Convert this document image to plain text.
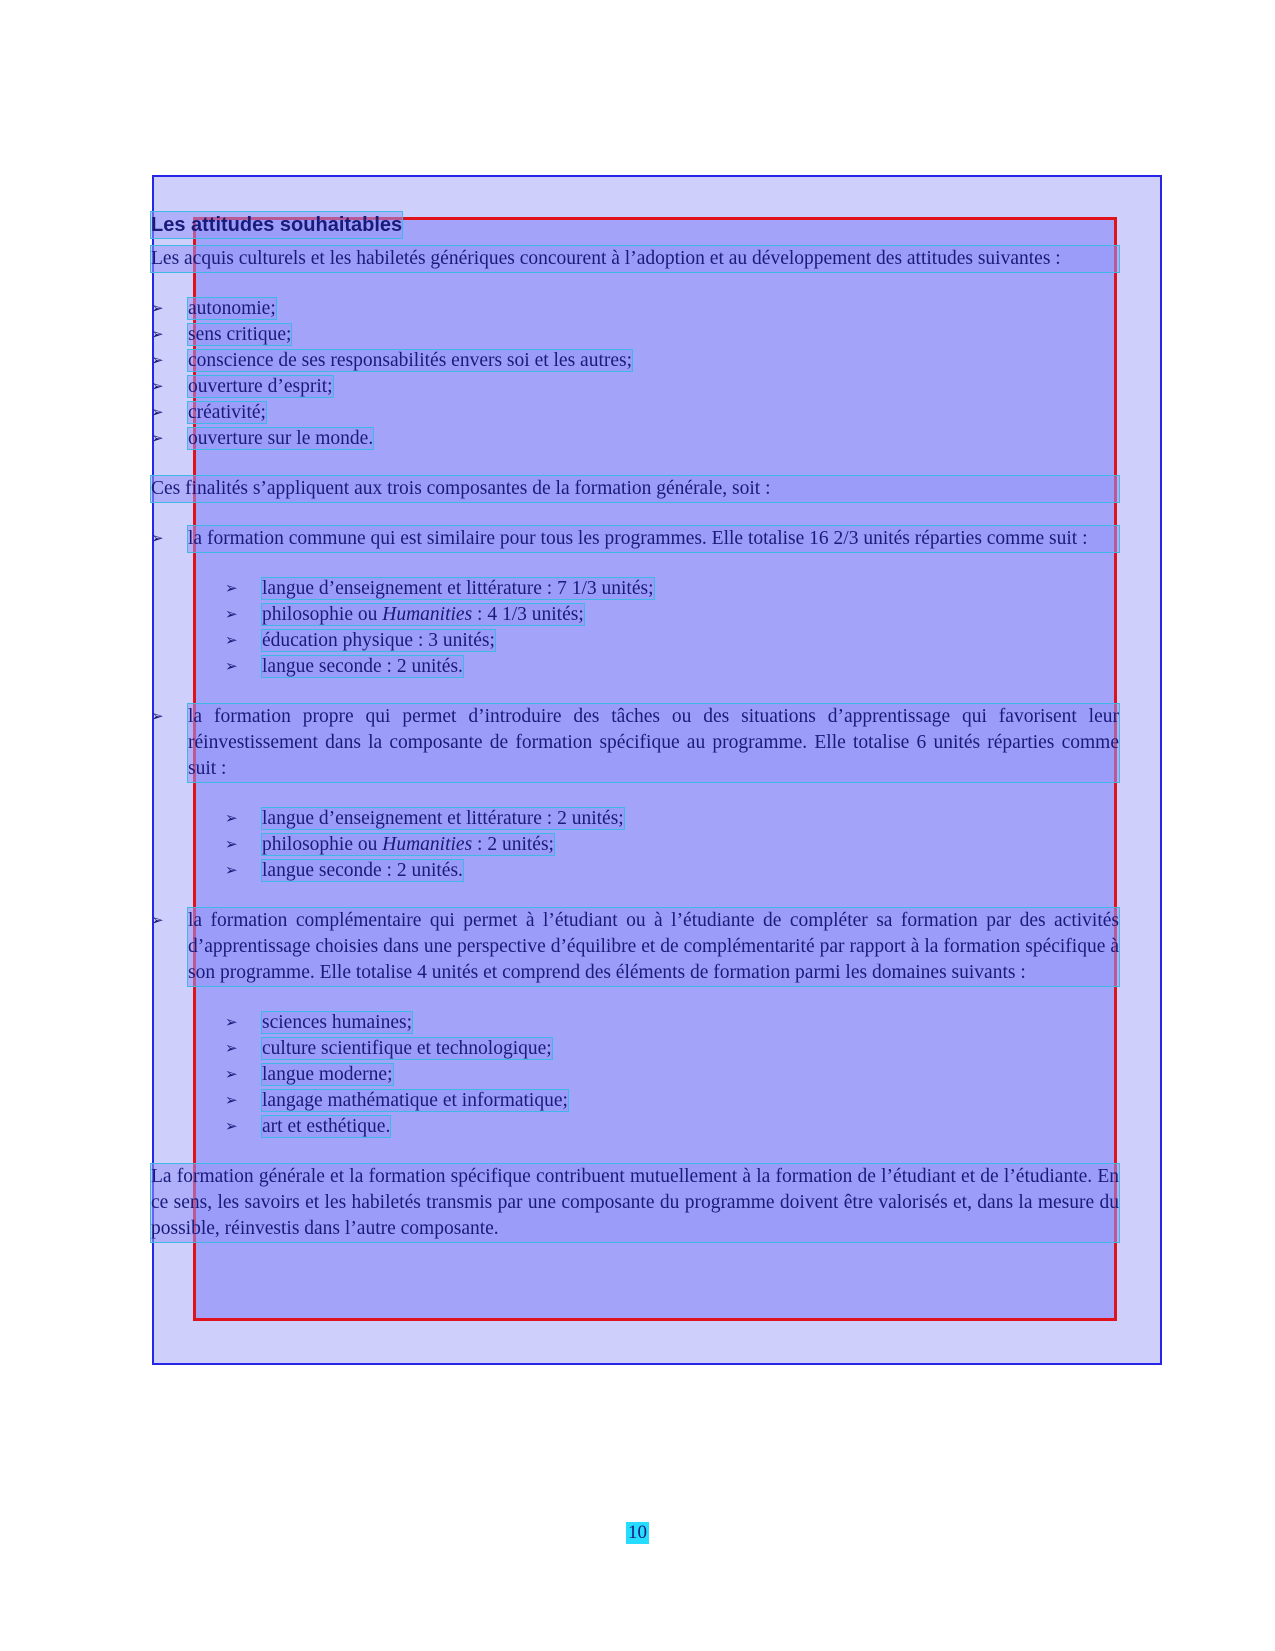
Les attitudes souhaitables

Les acquis culturels et les habiletés génériques concourent à l’adoption et au développement des attitudes suivantes :

➢ autonomie;
➢ sens critique;
➢ conscience de ses responsabilités envers soi et les autres;
➢ ouverture d’esprit;
➢ créativité;
➢ ouverture sur le monde.

Ces finalités s’appliquent aux trois composantes de la formation générale, soit :

➢ la formation commune qui est similaire pour tous les programmes. Elle totalise 16 2/3 unités réparties comme suit :

➢ langue d’enseignement et littérature : 7 1/3 unités;
➢ philosophie ou Humanities : 4 1/3 unités;
➢ éducation physique : 3 unités;
➢ langue seconde : 2 unités.
➢ la formation propre qui permet d’introduire des tâches ou des situations d’apprentissage qui favorisent leur réinvestissement dans la composante de formation spécifique au programme. Elle totalise 6 unités réparties comme suit :

➢ langue d’enseignement et littérature : 2 unités;
➢ philosophie ou Humanities : 2 unités;
➢ langue seconde : 2 unités.
➢ la formation complémentaire qui permet à l’étudiant ou à l’étudiante de compléter sa formation par des activités d’apprentissage choisies dans une perspective d’équilibre et de complémentarité par rapport à la formation spécifique à son programme. Elle totalise 4 unités et comprend des éléments de formation parmi les domaines suivants :

➢ sciences humaines;
➢ culture scientifique et technologique;
➢ langue moderne;
➢ langage mathématique et informatique;
➢ art et esthétique.

La formation générale et la formation spécifique contribuent mutuellement à la formation de l’étudiant et de l’étudiante. En ce sens, les savoirs et les habiletés transmis par une composante du programme doivent être valorisés et, dans la mesure du possible, réinvestis dans l’autre composante.

10
